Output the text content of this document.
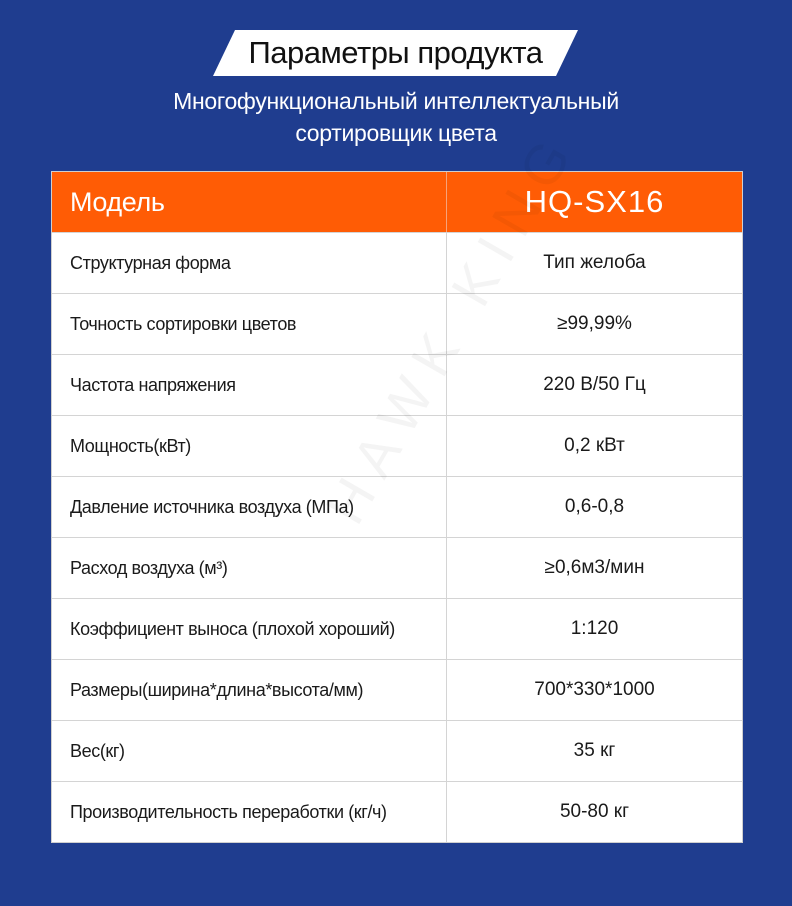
Параметры продукта
Многофункциональный интеллектуальный
сортировщик цвета
Модель	HQ-SX16
Структурная форма	Тип желоба
Точность сортировки цветов	≥99,99%
Частота напряжения	220 В/50 Гц
Мощность(кВт)	0,2 кВт
Давление источника воздуха (МПа)	0,6-0,8
Расход воздуха (м³)	≥0,6м3/мин
Коэффициент выноса (плохой хороший)	1:120
Размеры(ширина*длина*высота/мм)	700*330*1000
Вес(кг)	35 кг
Производительность переработки (кг/ч)	50-80 кг
